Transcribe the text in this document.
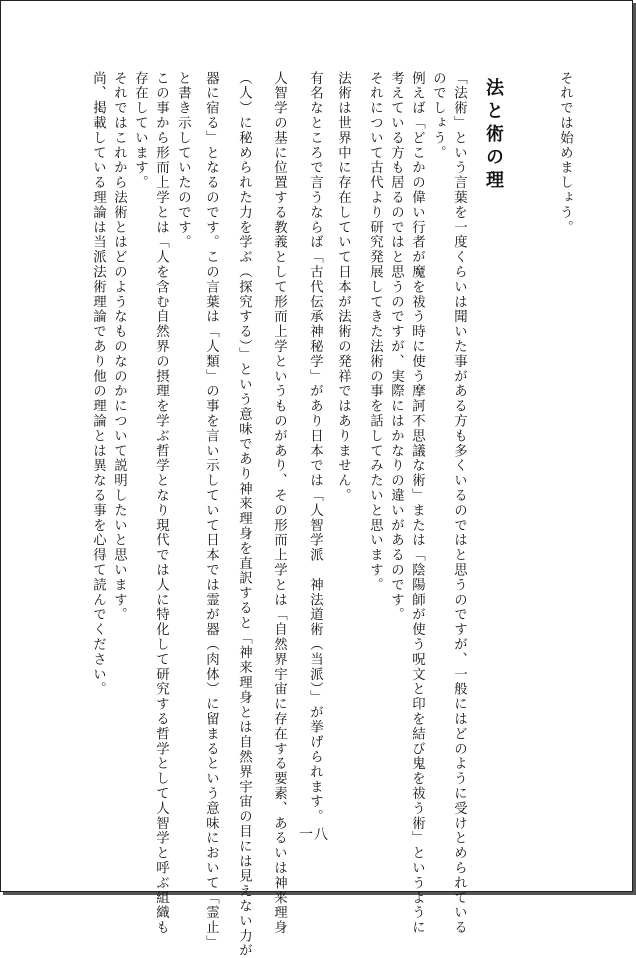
それでは始めましょう。
法と術の理
「法術」という言葉を一度くらいは聞いた事がある方も多くいるのではと思うのですが、一般にはどのように受けとめられている
のでしょう。
例えば「どこかの偉い行者が魔を祓う時に使う摩訶不思議な術」または「陰陽師が使う呪文と印を結び鬼を祓う術」というように
考えている方も居るのではと思うのですが、実際にはかなりの違いがあるのです。
それについて古代より研究発展してきた法術の事を話してみたいと思います。
法術は世界中に存在していて日本が法術の発祥ではありません。
有名なところで言うならば「古代伝承神秘学」があり日本では「人智学派　神法道術（当派）」が挙げられます。
人智学の基に位置する教義として形而上学というものがあり、その形而上学とは「自然界宇宙に存在する要素、あるいは神来理身
（人）に秘められた力を学ぶ（探究する）」という意味であり神来理身を直訳すると「神来理身とは自然界宇宙の目には見えない力が
器に宿る」となるのです。この言葉は「人類」の事を言い示していて日本では霊が器（肉体）に留まるという意味において「霊止」
と書き示していたのです。
この事から形而上学とは「人を含む自然界の摂理を学ぶ哲学となり現代では人に特化して研究する哲学として人智学と呼ぶ組織も
存在しています。
それではこれから法術とはどのようなものなのかについて説明したいと思います。
尚、掲載している理論は当派法術理論であり他の理論とは異なる事を心得て読んでください。
一八
